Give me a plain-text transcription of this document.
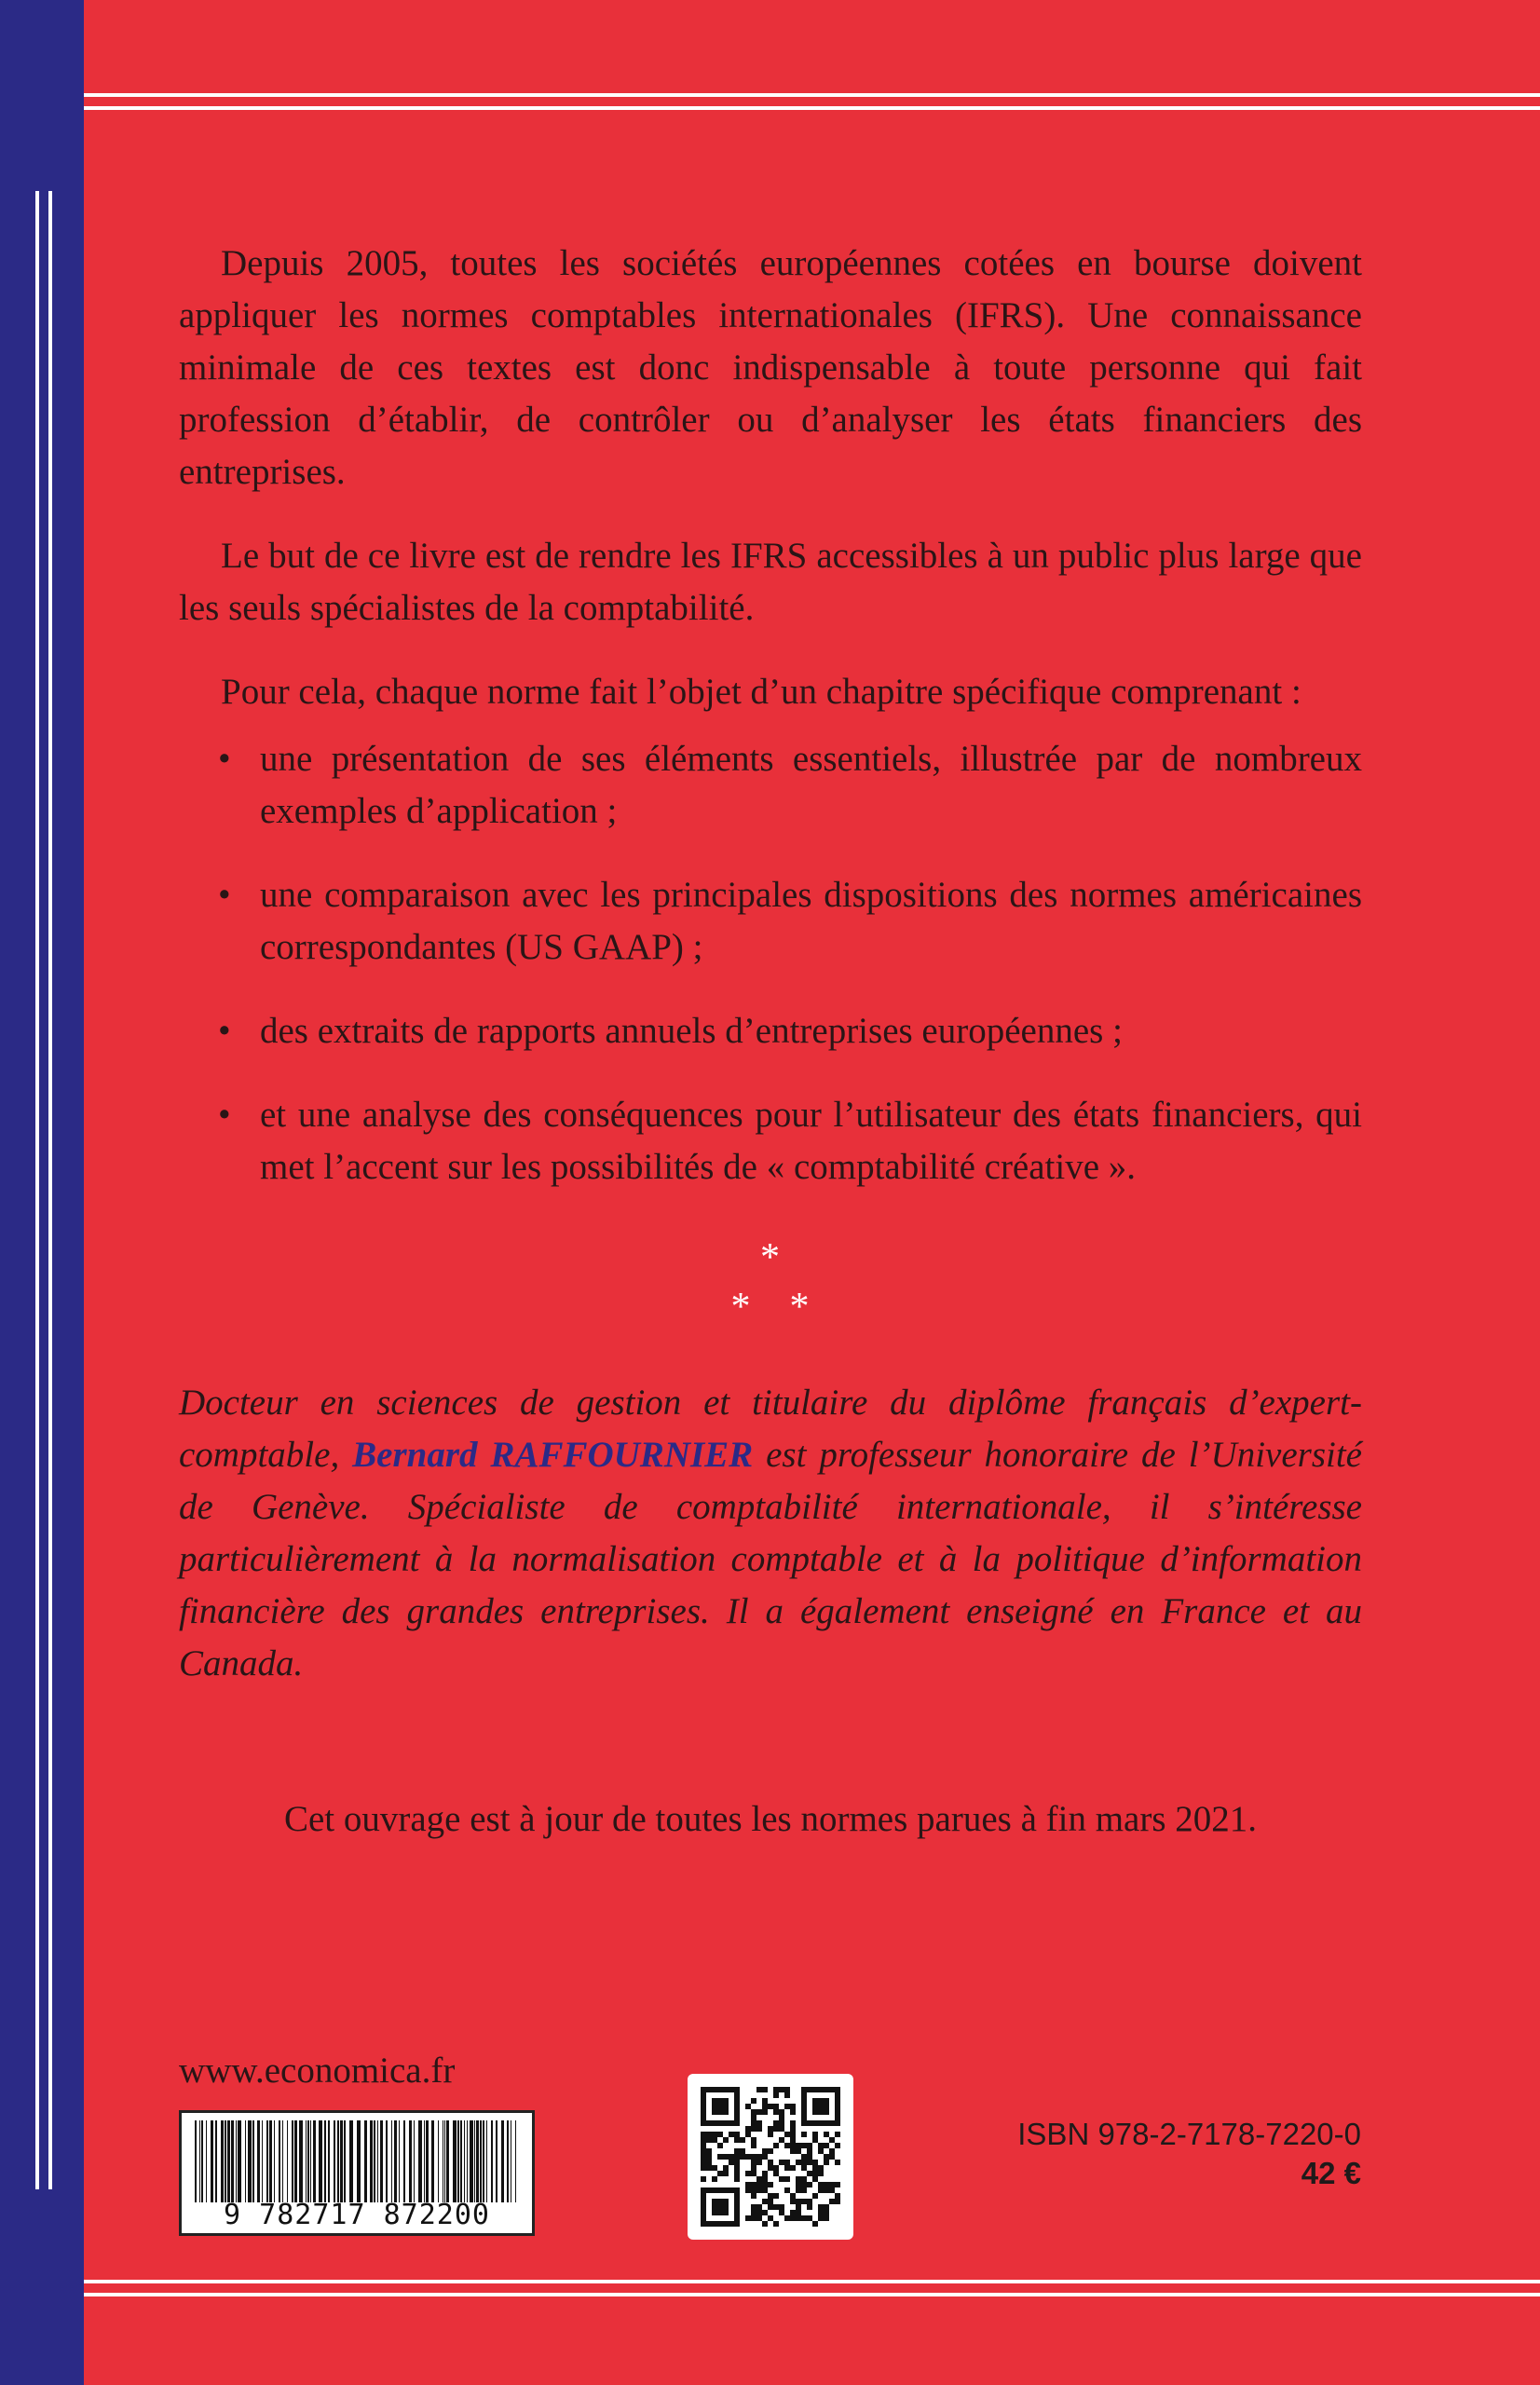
Depuis 2005, toutes les sociétés européennes cotées en bourse doivent appliquer les normes comptables internationales (IFRS). Une connaissance minimale de ces textes est donc indispensable à toute personne qui fait profession d’établir, de contrôler ou d’analyser les états financiers des entreprises.

Le but de ce livre est de rendre les IFRS accessibles à un public plus large que les seuls spécialistes de la comptabilité.

Pour cela, chaque norme fait l’objet d’un chapitre spécifique comprenant :

• une présentation de ses éléments essentiels, illustrée par de nombreux exemples d’application ;
• une comparaison avec les principales dispositions des normes américaines correspondantes (US GAAP) ;
• des extraits de rapports annuels d’entreprises européennes ;
• et une analyse des conséquences pour l’utilisateur des états financiers, qui met l’accent sur les possibilités de « comptabilité créative ».
*
*    *
Docteur en sciences de gestion et titulaire du diplôme français d’expert-comptable, Bernard RAFFOURNIER est professeur honoraire de l’Université de Genève. Spécialiste de comptabilité internationale, il s’intéresse particulièrement à la normalisation comptable et à la politique d’information financière des grandes entreprises. Il a également enseigné en France et au Canada.
Cet ouvrage est à jour de toutes les normes parues à fin mars 2021.
www.economica.fr
9 782717 872200
ISBN 978-2-7178-7220-0
42 €
